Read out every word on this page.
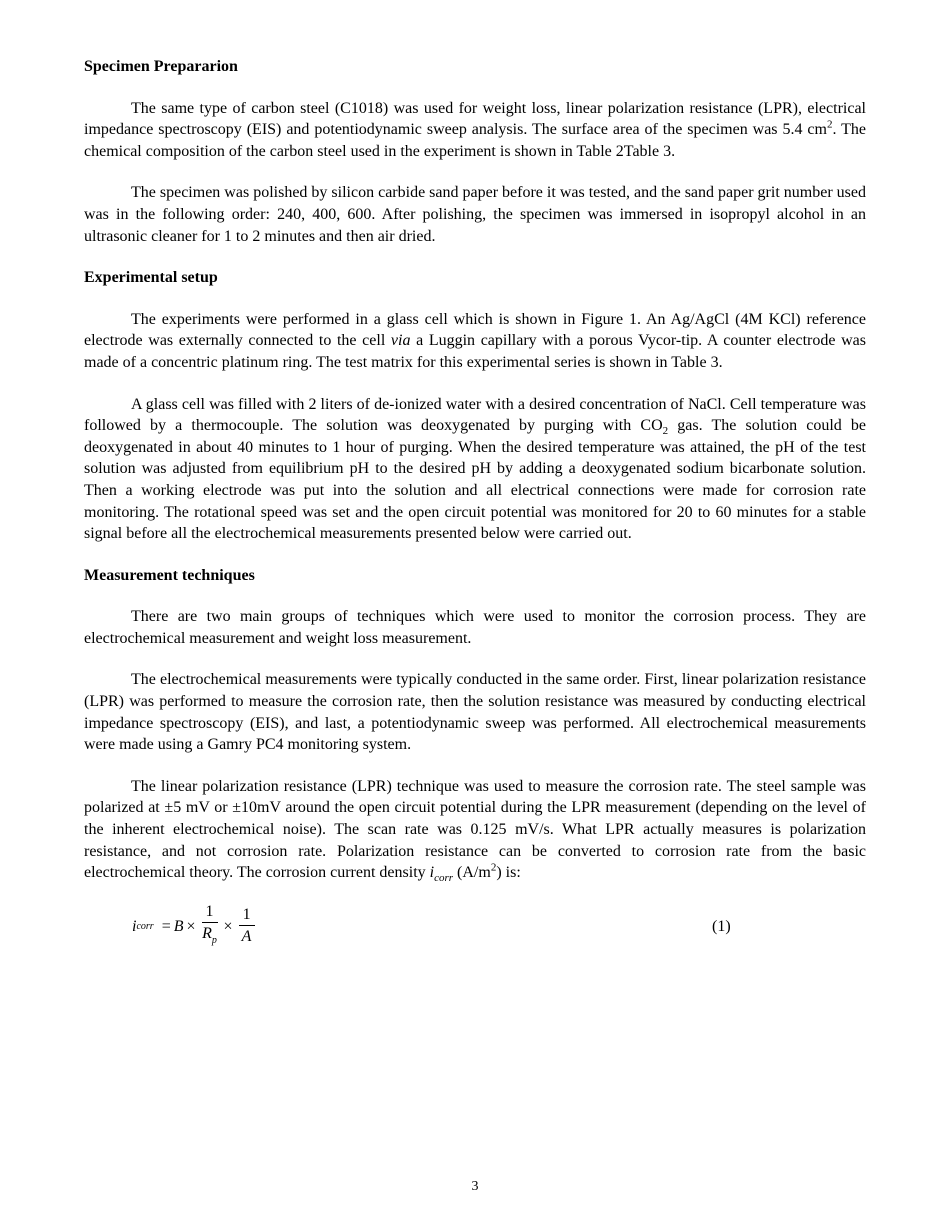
Specimen Prepararion

The same type of carbon steel (C1018) was used for weight loss, linear polarization resistance (LPR), electrical impedance spectroscopy (EIS) and potentiodynamic sweep analysis. The surface area of the specimen was 5.4 $cm^2$. The chemical composition of the carbon steel used in the experiment is shown in Table 2Table 3.

The specimen was polished by silicon carbide sand paper before it was tested, and the sand paper grit number used was in the following order: 240, 400, 600. After polishing, the specimen was immersed in isopropyl alcohol in an ultrasonic cleaner for 1 to 2 minutes and then air dried.

Experimental setup

The experiments were performed in a glass cell which is shown in Figure 1. An Ag/AgCl (4M KCl) reference electrode was externally connected to the cell via a Luggin capillary with a porous Vycor-tip. A counter electrode was made of a concentric platinum ring. The test matrix for this experimental series is shown in Table 3.

A glass cell was filled with 2 liters of de-ionized water with a desired concentration of NaCl. Cell temperature was followed by a thermocouple. The solution was deoxygenated by purging with $CO_2$ gas. The solution could be deoxygenated in about 40 minutes to 1 hour of purging. When the desired temperature was attained, the pH of the test solution was adjusted from equilibrium pH to the desired pH by adding a deoxygenated sodium bicarbonate solution. Then a working electrode was put into the solution and all electrical connections were made for corrosion rate monitoring. The rotational speed was set and the open circuit potential was monitored for 20 to 60 minutes for a stable signal before all the electrochemical measurements presented below were carried out.

Measurement techniques

There are two main groups of techniques which were used to monitor the corrosion process. They are electrochemical measurement and weight loss measurement.

The electrochemical measurements were typically conducted in the same order. First, linear polarization resistance (LPR) was performed to measure the corrosion rate, then the solution resistance was measured by conducting electrical impedance spectroscopy (EIS), and last, a potentiodynamic sweep was performed. All electrochemical measurements were made using a Gamry PC4 monitoring system.

The linear polarization resistance (LPR) technique was used to measure the corrosion rate. The steel sample was polarized at ±5 mV or ±10mV around the open circuit potential during the LPR measurement (depending on the level of the inherent electrochemical noise). The scan rate was 0.125 mV/s. What LPR actually measures is polarization resistance, and not corrosion rate. Polarization resistance can be converted to corrosion rate from the basic electrochemical theory. The corrosion current density $i_{corr}$ $(A/m^2)$ is:

i corr = $B \times \frac{1}{R_p} \times \frac{1}{A}$	(1)
3
